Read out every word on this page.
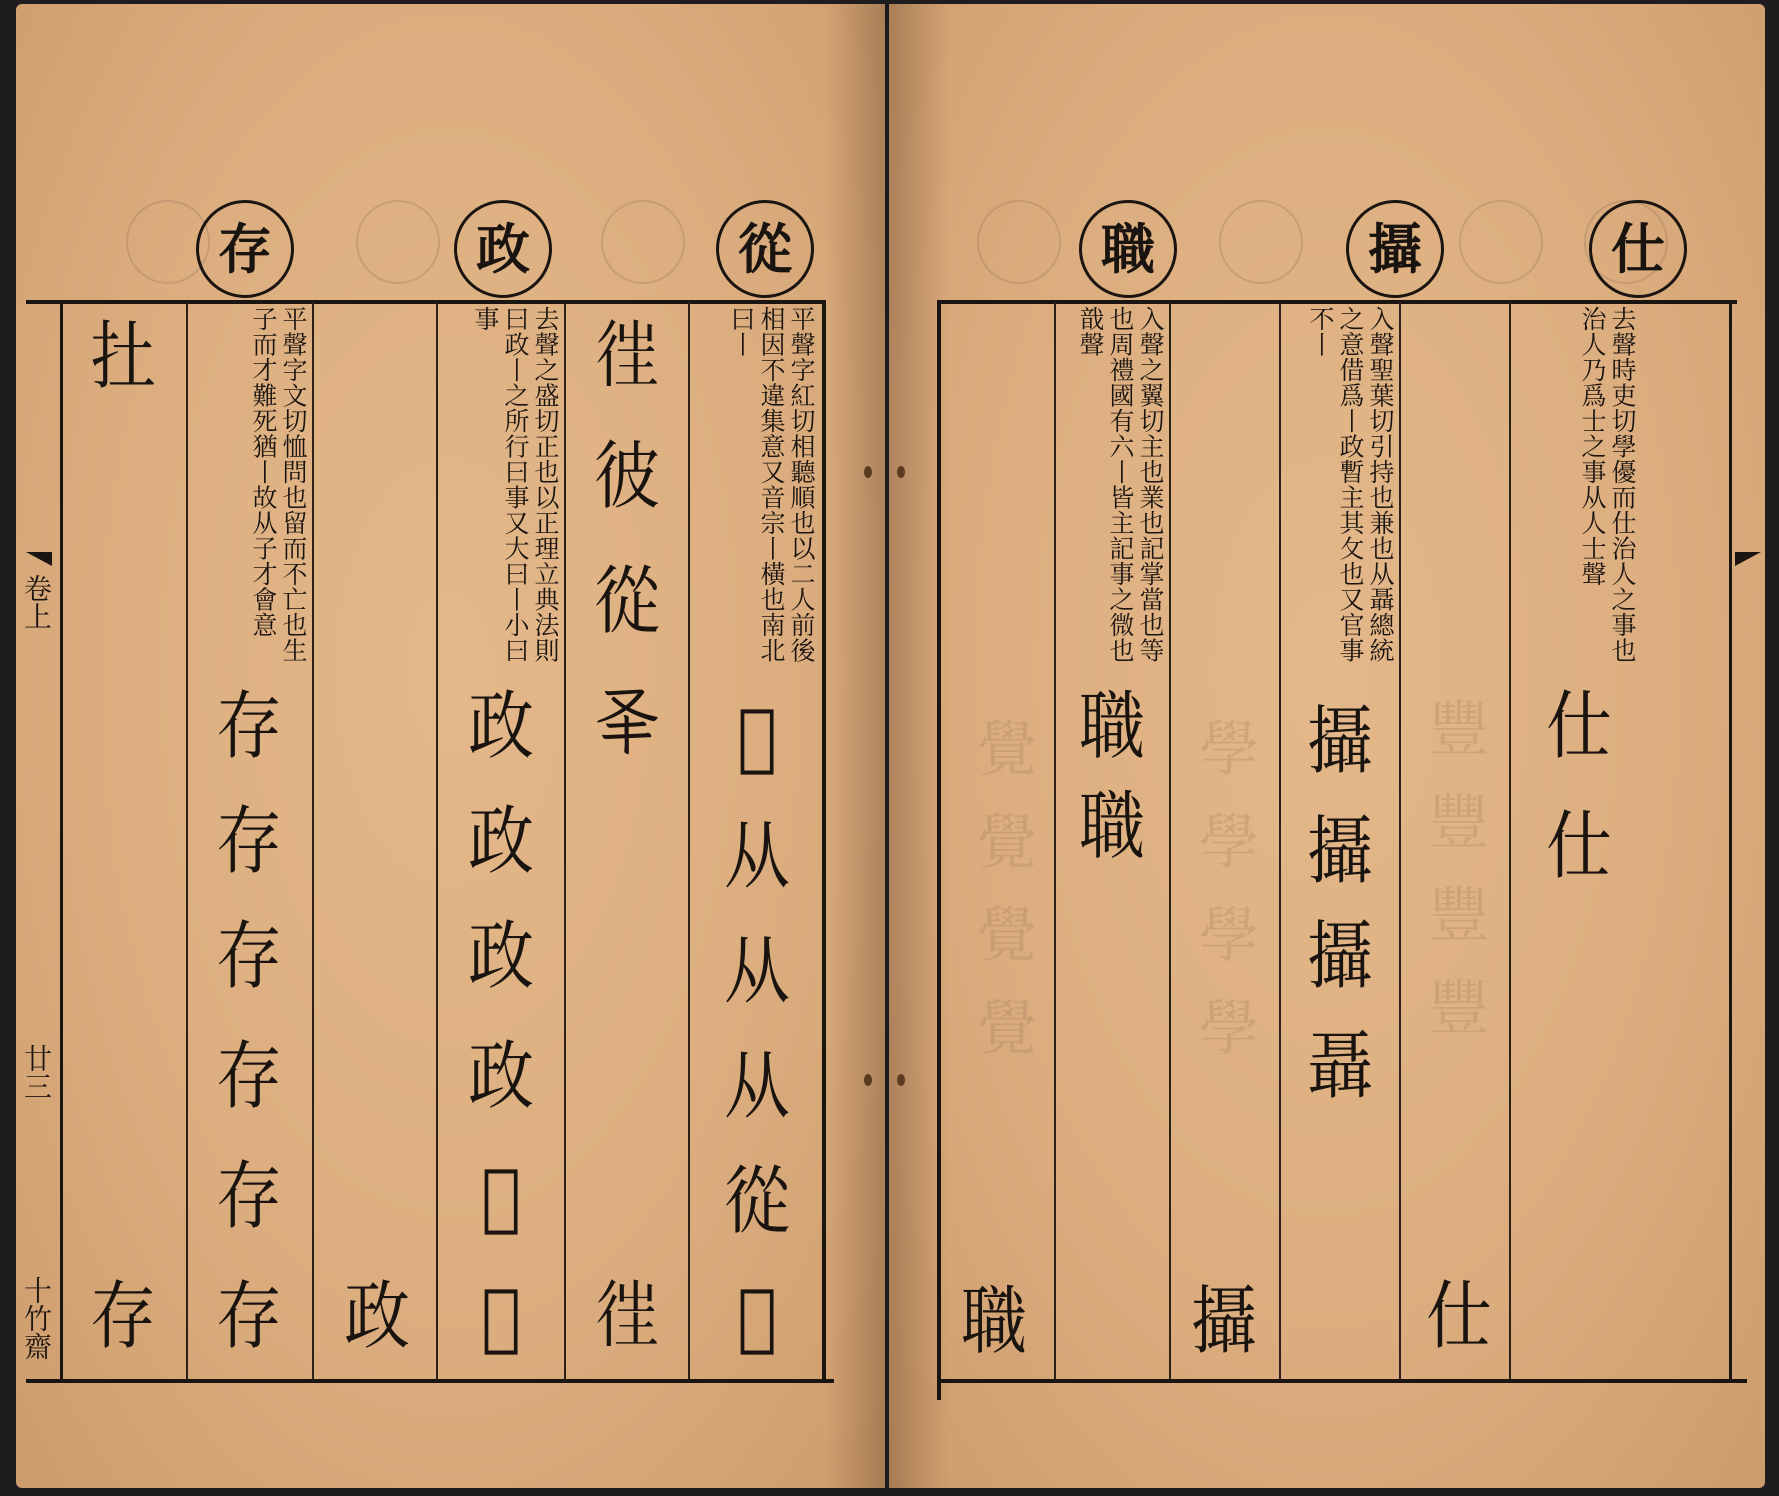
從
政
存
平聲字紅切相聽順也以二人前後相因不違集意又音宗丨橫也南北曰丨
𠂋
从
从
从
從
𢔖
𢓸
彼
從
𠬤
𢓸
去聲之盛切正也以正理立典法則曰政丨之所行曰事又大曰丨小曰事
政
政
政
政
𢾾
𢾾
政
平聲字文切恤問也留而不亡也生子而才難死猶丨故从子才會意
扗
存
存
存
存
存
存
存
卷上
廿三
十竹齋
仕
攝
職
覺
覺
覺
覺
學
學
學
學
豐
豐
豐
豐
去聲時吏切學優而仕治人之事也治人乃爲士之事从人士聲
仕
仕
仕
入聲聖葉切引持也兼也从聶總統之意借爲丨政暫主其攵也又官事不丨
攝
攝
攝
聶
攝
入聲之翼切主也業也記掌當也等也周禮國有六丨皆主記事之微也戠聲
職
職
職
